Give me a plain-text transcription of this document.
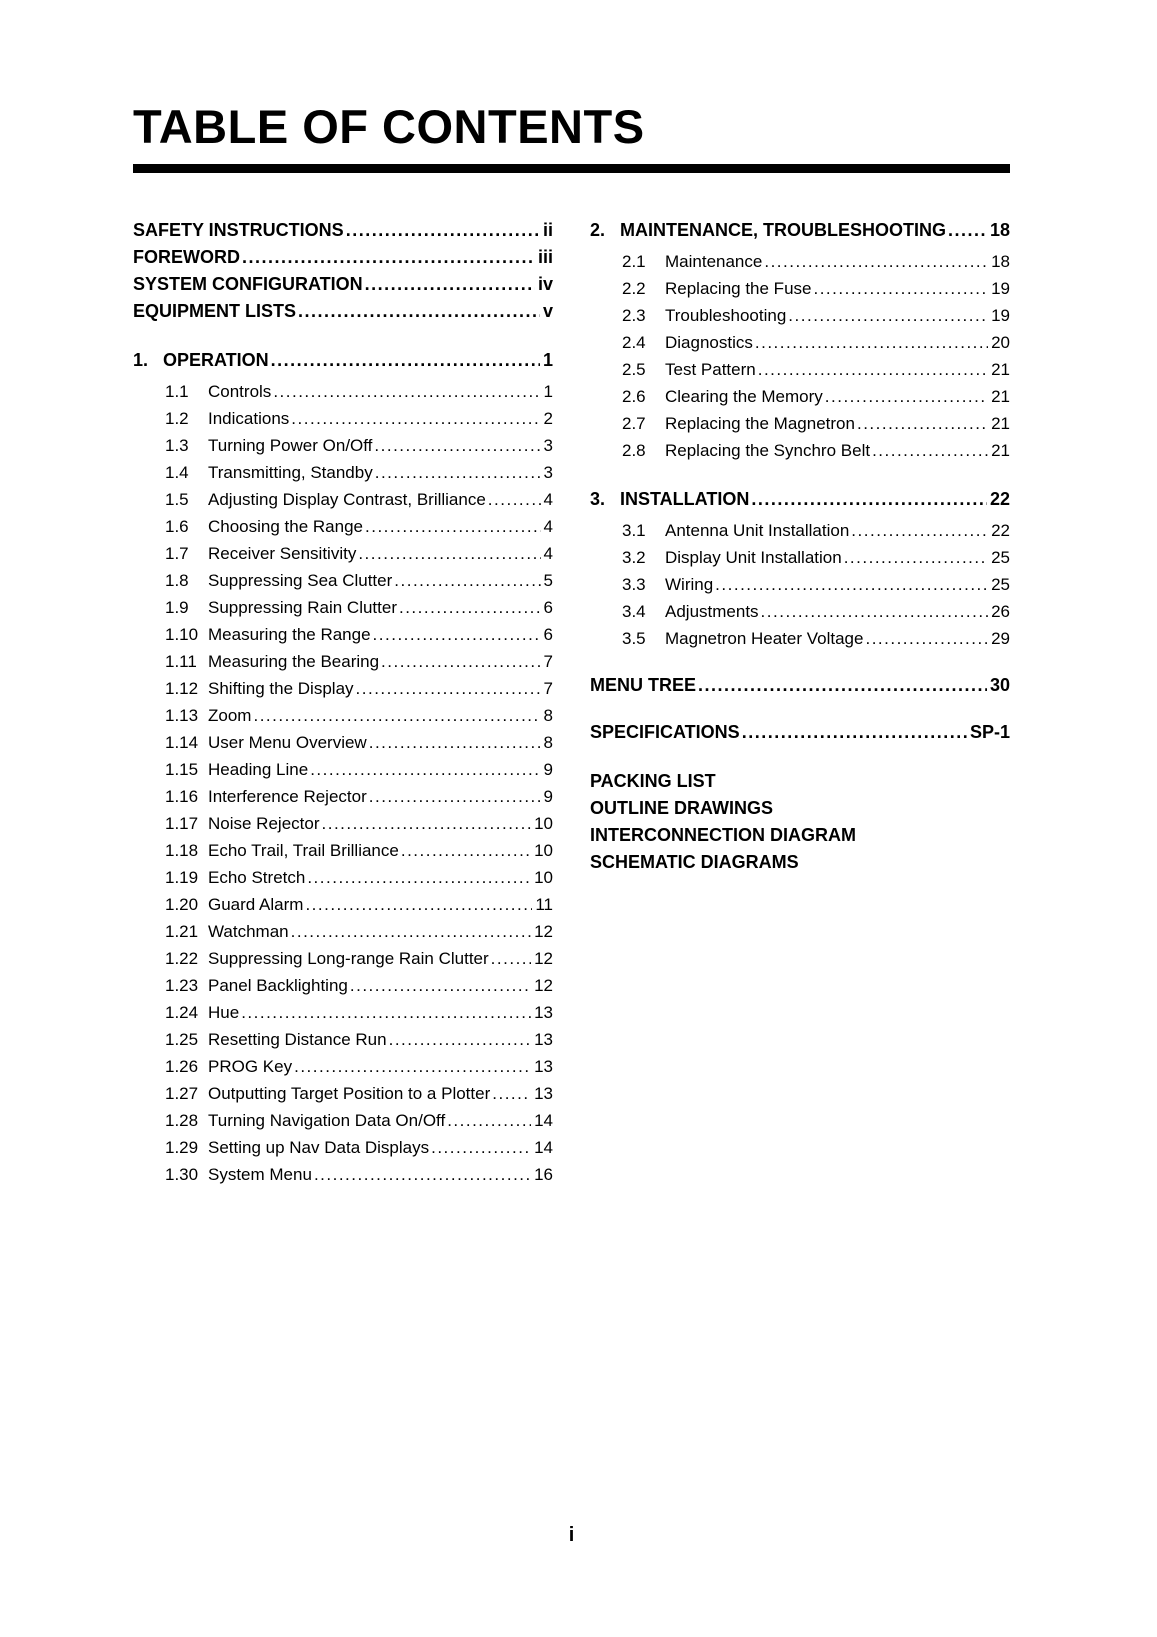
TABLE OF CONTENTS
SAFETY INSTRUCTIONS .....	ii
FOREWORD .....	iii
SYSTEM CONFIGURATION .....	iv
EQUIPMENT LISTS .....	v
1. OPERATION .....	1
1.1	Controls .....	1
1.2	Indications .....	2
1.3	Turning Power On/Off .....	3
1.4	Transmitting, Standby .....	3
1.5	Adjusting Display Contrast, Brilliance .....	4
1.6	Choosing the Range .....	4
1.7	Receiver Sensitivity .....	4
1.8	Suppressing Sea Clutter .....	5
1.9	Suppressing Rain Clutter .....	6
1.10 Measuring the Range .....	6
1.11 Measuring the Bearing .....	7
1.12 Shifting the Display .....	7
1.13 Zoom .....	8
1.14 User Menu Overview .....	8
1.15 Heading Line .....	9
1.16 Interference Rejector .....	9
1.17 Noise Rejector .....	10
1.18 Echo Trail, Trail Brilliance .....	10
1.19 Echo Stretch .....	10
1.20 Guard Alarm .....	11
1.21 Watchman .....	12
1.22 Suppressing Long-range Rain Clutter .....	12
1.23 Panel Backlighting .....	12
1.24 Hue .....	13
1.25 Resetting Distance Run .....	13
1.26 PROG Key .....	13
1.27 Outputting Target Position to a Plotter .....	13
1.28 Turning Navigation Data On/Off .....	14
1.29 Setting up Nav Data Displays .....	14
1.30 System Menu .....	16
2. MAINTENANCE, TROUBLESHOOTING ..... 18
2.1	Maintenance .....	18
2.2	Replacing the Fuse .....	19
2.3	Troubleshooting .....	19
2.4	Diagnostics .....	20
2.5	Test Pattern .....	21
2.6	Clearing the Memory .....	21
2.7	Replacing the Magnetron .....	21
2.8	Replacing the Synchro Belt .....	21
3. INSTALLATION .....	22
3.1	Antenna Unit Installation .....	22
3.2	Display Unit Installation .....	25
3.3	Wiring .....	25
3.4	Adjustments .....	26
3.5	Magnetron Heater Voltage .....	29
MENU TREE .....	30
SPECIFICATIONS .....	SP-1
PACKING LIST
OUTLINE DRAWINGS
INTERCONNECTION DIAGRAM
SCHEMATIC DIAGRAMS
i
